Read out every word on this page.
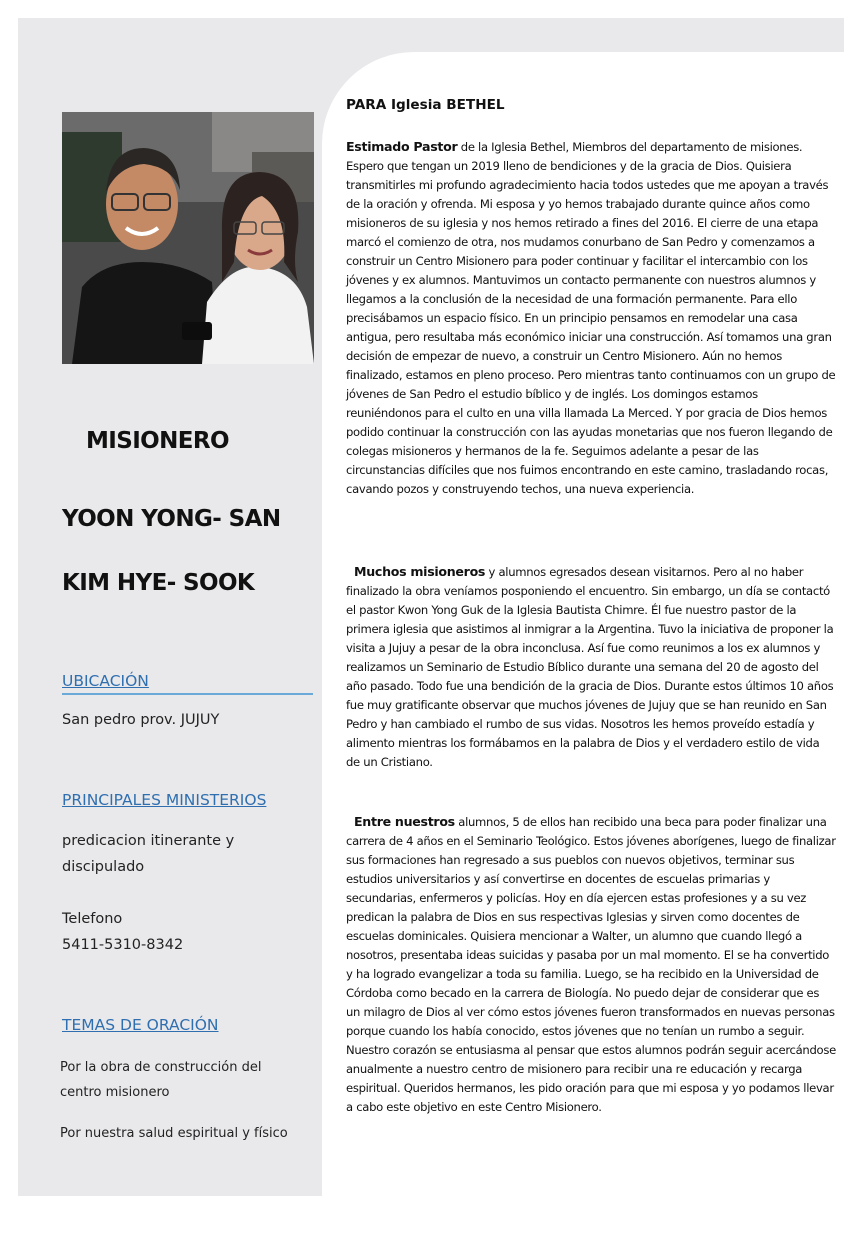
MISIONERO
YOON YONG- SAN
KIM HYE- SOOK
UBICACIÓN
San pedro prov. JUJUY
PRINCIPALES MINISTERIOS
predicacion itinerante y
discipulado
Telefono
5411-5310-8342
TEMAS DE ORACIÓN
Por la obra de construcción del
centro misionero
Por nuestra salud espiritual y físico
PARA Iglesia BETHEL

Estimado Pastor de la Iglesia Bethel, Miembros del departamento de misiones. Espero que tengan un 2019 lleno de bendiciones y de la gracia de Dios. Quisiera transmitirles mi profundo agradecimiento hacia todos ustedes que me apoyan a través de la oración y ofrenda. Mi esposa y yo hemos trabajado durante quince años como misioneros de su iglesia y nos hemos retirado a fines del 2016. El cierre de una etapa marcó el comienzo de otra, nos mudamos conurbano de San Pedro y comenzamos a construir un Centro Misionero para poder continuar y facilitar el intercambio con los jóvenes y ex alumnos. Mantuvimos un contacto permanente con nuestros alumnos y llegamos a la conclusión de la necesidad de una formación permanente. Para ello precisábamos un espacio físico. En un principio pensamos en remodelar una casa antigua, pero resultaba más económico iniciar una construcción. Así tomamos una gran decisión de empezar de nuevo, a construir un Centro Misionero. Aún no hemos finalizado, estamos en pleno proceso. Pero mientras tanto continuamos con un grupo de jóvenes de San Pedro el estudio bíblico y de inglés. Los domingos estamos reuniéndonos para el culto en una villa llamada La Merced. Y por gracia de Dios hemos podido continuar la construcción con las ayudas monetarias que nos fueron llegando de colegas misioneros y hermanos de la fe. Seguimos adelante a pesar de las circunstancias difíciles que nos fuimos encontrando en este camino, trasladando rocas, cavando pozos y construyendo techos, una nueva experiencia.

Muchos misioneros y alumnos egresados desean visitarnos. Pero al no haber finalizado la obra veníamos posponiendo el encuentro. Sin embargo, un día se contactó el pastor Kwon Yong Guk de la Iglesia Bautista Chimre. Él fue nuestro pastor de la primera iglesia que asistimos al inmigrar a la Argentina. Tuvo la iniciativa de proponer la visita a Jujuy a pesar de la obra inconclusa. Así fue como reunimos a los ex alumnos y realizamos un Seminario de Estudio Bíblico durante una semana del 20 de agosto del año pasado. Todo fue una bendición de la gracia de Dios. Durante estos últimos 10 años fue muy gratificante observar que muchos jóvenes de Jujuy que se han reunido en San Pedro y han cambiado el rumbo de sus vidas. Nosotros les hemos proveído estadía y alimento mientras los formábamos en la palabra de Dios y el verdadero estilo de vida de un Cristiano.

Entre nuestros alumnos, 5 de ellos han recibido una beca para poder finalizar una carrera de 4 años en el Seminario Teológico. Estos jóvenes aborígenes, luego de finalizar sus formaciones han regresado a sus pueblos con nuevos objetivos, terminar sus estudios universitarios y así convertirse en docentes de escuelas primarias y secundarias, enfermeros y policías. Hoy en día ejercen estas profesiones y a su vez predican la palabra de Dios en sus respectivas Iglesias y sirven como docentes de escuelas dominicales. Quisiera mencionar a Walter, un alumno que cuando llegó a nosotros, presentaba ideas suicidas y pasaba por un mal momento. El se ha convertido y ha logrado evangelizar a toda su familia. Luego, se ha recibido en la Universidad de Córdoba como becado en la carrera de Biología. No puedo dejar de considerar que es un milagro de Dios al ver cómo estos jóvenes fueron transformados en nuevas personas porque cuando los había conocido, estos jóvenes que no tenían un rumbo a seguir. Nuestro corazón se entusiasma al pensar que estos alumnos podrán seguir acercándose anualmente a nuestro centro de misionero para recibir una re educación y recarga espiritual. Queridos hermanos, les pido oración para que mi esposa y yo podamos llevar a cabo este objetivo en este Centro Misionero.
